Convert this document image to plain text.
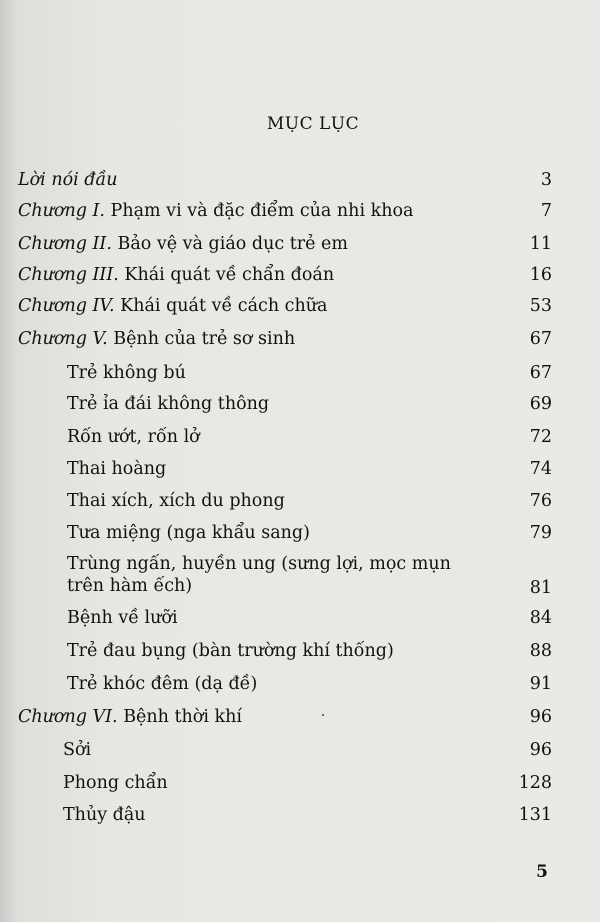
MỤC LỤC
Lời nói đầu	3
Chương I. Phạm vi và đặc điểm của nhi khoa	7
Chương II. Bảo vệ và giáo dục trẻ em	11
Chương III. Khái quát về chẩn đoán	16
Chương IV. Khái quát về cách chữa	53
Chương V. Bệnh của trẻ sơ sinh	67
Trẻ không bú	67
Trẻ ỉa đái không thông	69
Rốn ướt, rốn lở	72
Thai hoàng	74
Thai xích, xích du phong	76
Tưa miệng (nga khẩu sang)	79
Trùng ngấn, huyền ung (sưng lợi, mọc mụn trên hàm ếch)	81
Bệnh về lưỡi	84
Trẻ đau bụng (bàn trường khí thống)	88
Trẻ khóc đêm (dạ đề)	91
Chương VI. Bệnh thời khí	96
Sởi	96
Phong chẩn	128
Thủy đậu	131
5
